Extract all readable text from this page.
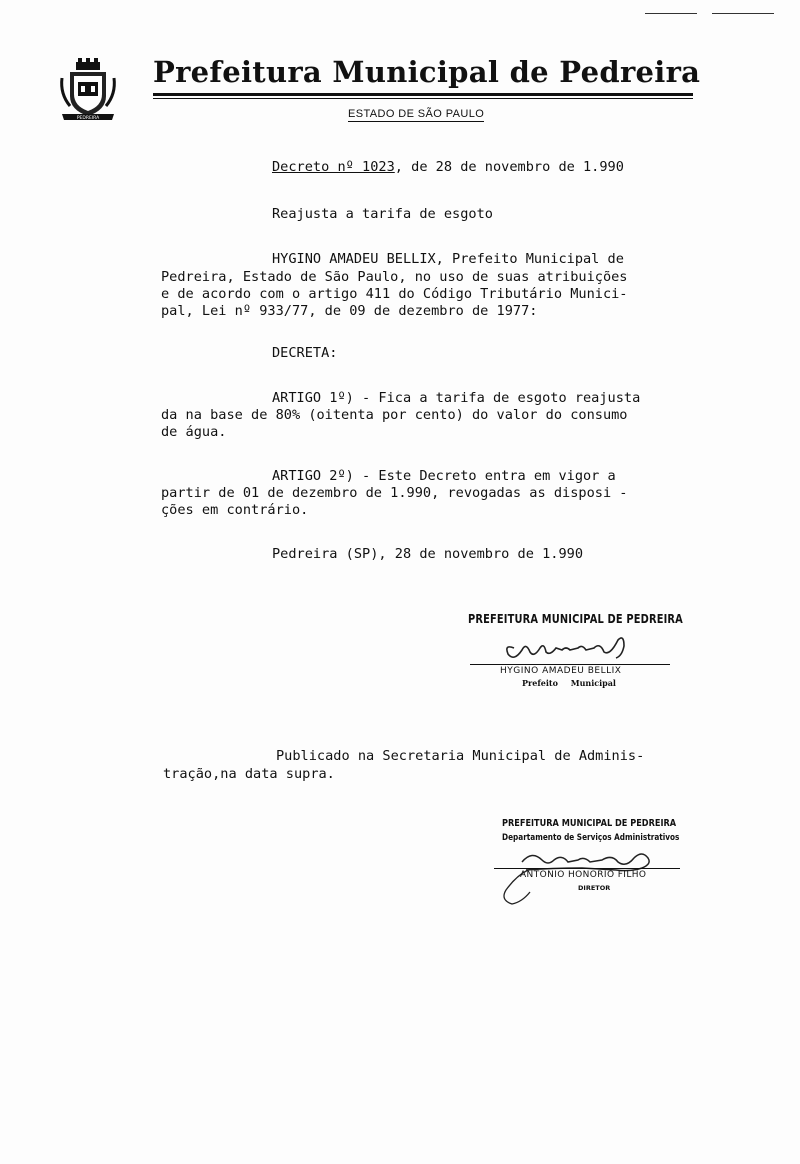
PEDREIRA
Prefeitura Municipal de Pedreira
ESTADO DE SÃO PAULO
Decreto nº 1023, de 28 de novembro de 1.990
Reajusta a tarifa de esgoto
HYGINO AMADEU BELLIX, Prefeito Municipal de
Pedreira, Estado de São Paulo, no uso de suas atribuições
e de acordo com o artigo 411 do Código Tributário Munici-
pal, Lei nº 933/77, de 09 de dezembro de 1977:
DECRETA:
ARTIGO 1º) - Fica a tarifa de esgoto reajusta
da na base de 80% (oitenta por cento) do valor do consumo
de água.
ARTIGO 2º) - Este Decreto entra em vigor a
partir de 01 de dezembro de 1.990, revogadas as disposi -
ções em contrário.
Pedreira (SP), 28 de novembro de 1.990
PREFEITURA MUNICIPAL DE PEDREIRA
HYGINO AMADEU BELLIX
Prefeito Municipal
Publicado na Secretaria Municipal de Adminis-
tração,na data supra.
PREFEITURA MUNICIPAL DE PEDREIRA
Departamento de Serviços Administrativos
ANTONIO HONORIO FILHO
DIRETOR
